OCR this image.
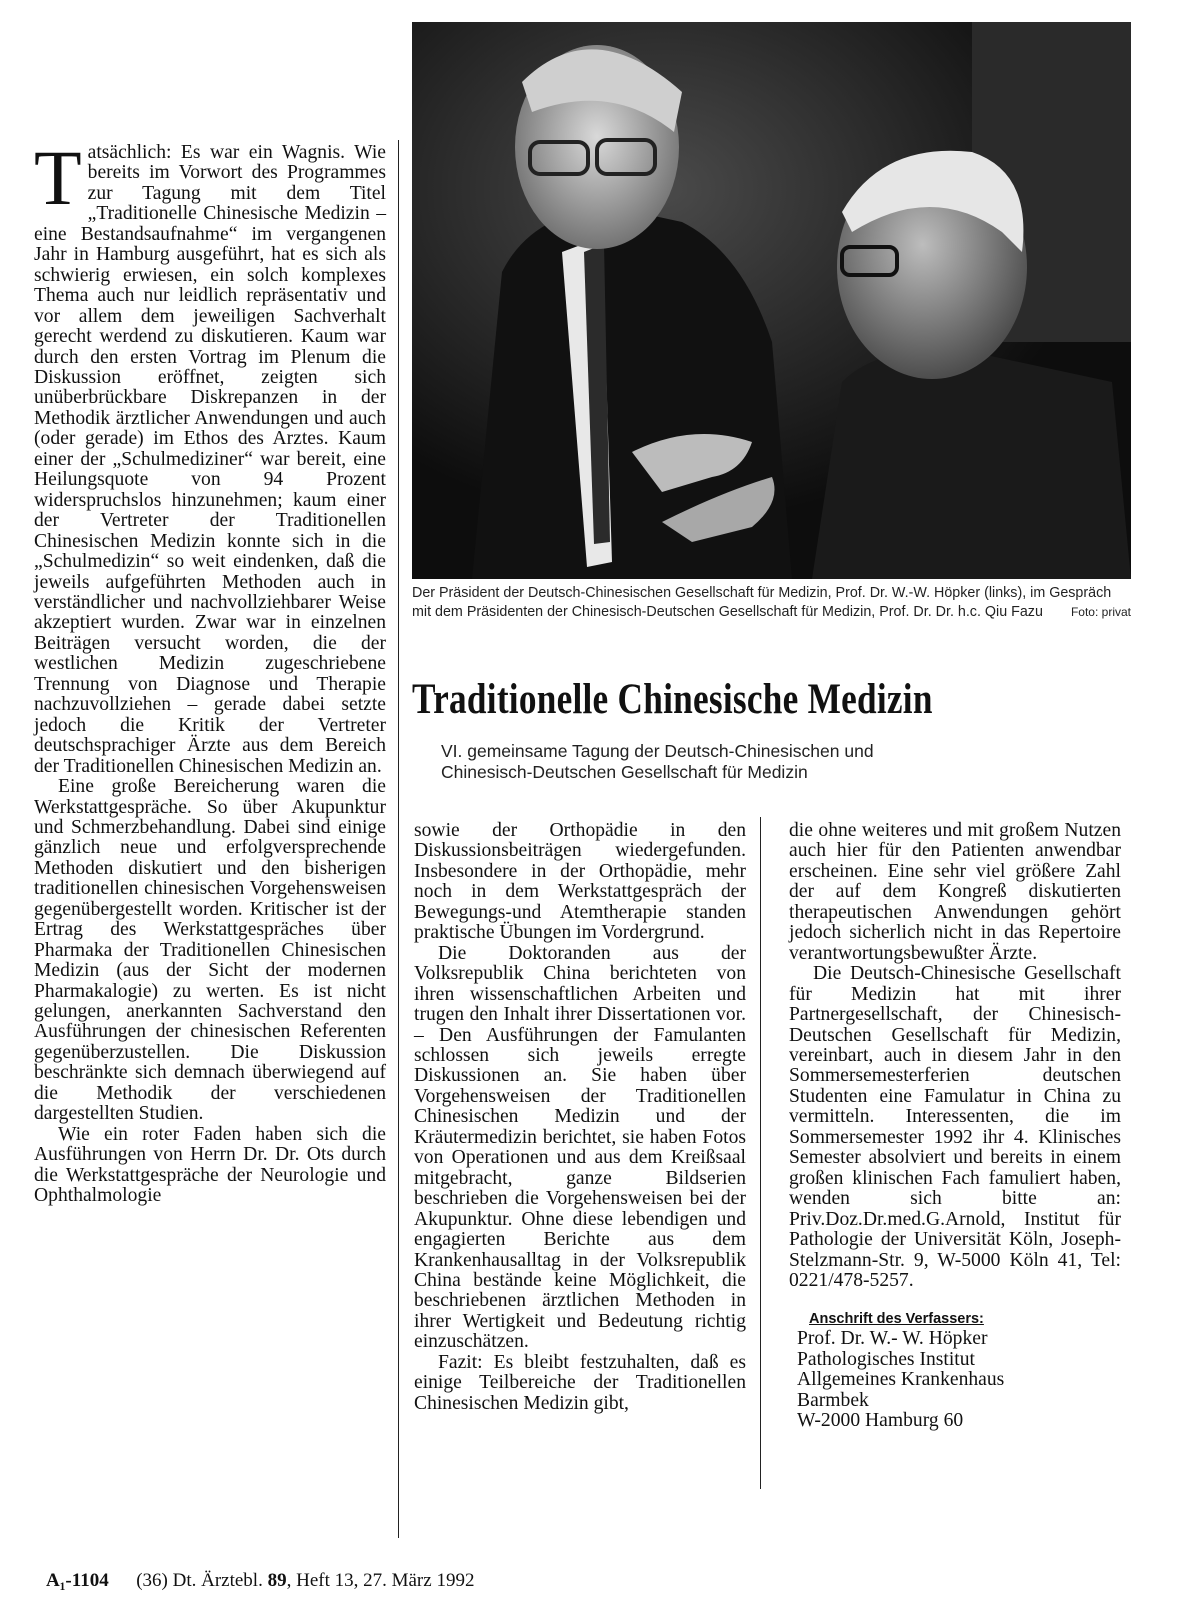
Tatsächlich: Es war ein Wagnis. Wie bereits im Vorwort des Programmes zur Tagung mit dem Titel „Traditionelle Chinesische Medizin – eine Bestandsaufnahme“ im vergangenen Jahr in Hamburg ausgeführt, hat es sich als schwierig erwiesen, ein solch komplexes Thema auch nur leidlich repräsentativ und vor allem dem jeweiligen Sachverhalt gerecht werdend zu diskutieren. Kaum war durch den ersten Vortrag im Plenum die Diskussion eröffnet, zeigten sich unüberbrückbare Diskrepanzen in der Methodik ärztlicher Anwendungen und auch (oder gerade) im Ethos des Arztes. Kaum einer der „Schulmediziner“ war bereit, eine Heilungsquote von 94 Prozent widerspruchslos hinzunehmen; kaum einer der Vertreter der Traditionellen Chinesischen Medizin konnte sich in die „Schulmedizin“ so weit eindenken, daß die jeweils aufgeführten Methoden auch in verständlicher und nachvollziehbarer Weise akzeptiert wurden. Zwar war in einzelnen Beiträgen versucht worden, die der westlichen Medizin zugeschriebene Trennung von Diagnose und Therapie nachzuvollziehen – gerade dabei setzte jedoch die Kritik der Vertreter deutschsprachiger Ärzte aus dem Bereich der Traditionellen Chinesischen Medizin an.

Eine große Bereicherung waren die Werkstattgespräche. So über Akupunktur und Schmerzbehandlung. Dabei sind einige gänzlich neue und erfolgversprechende Methoden diskutiert und den bisherigen traditionellen chinesischen Vorgehensweisen gegenübergestellt worden. Kritischer ist der Ertrag des Werkstattgespräches über Pharmaka der Traditionellen Chinesischen Medizin (aus der Sicht der modernen Pharmakalogie) zu werten. Es ist nicht gelungen, anerkannten Sachverstand den Ausführungen der chinesischen Referenten gegenüberzustellen. Die Diskussion beschränkte sich demnach überwiegend auf die Methodik der verschiedenen dargestellten Studien.

Wie ein roter Faden haben sich die Ausführungen von Herrn Dr. Dr. Ots durch die Werkstattgespräche der Neurologie und Ophthalmologie

Der Präsident der Deutsch-Chinesischen Gesellschaft für Medizin, Prof. Dr. W.-W. Höpker (links), im Gespräch mit dem Präsidenten der Chinesisch-Deutschen Gesellschaft für Medizin, Prof. Dr. Dr. h.c. Qiu Fazu Foto: privat
Traditionelle Chinesische Medizin
VI. gemeinsame Tagung der Deutsch-Chinesischen und
Chinesisch-Deutschen Gesellschaft für Medizin

sowie der Orthopädie in den Diskussionsbeiträgen wiedergefunden. Insbesondere in der Orthopädie, mehr noch in dem Werkstattgespräch der Bewegungs-und Atemtherapie standen praktische Übungen im Vordergrund.

Die Doktoranden aus der Volksrepublik China berichteten von ihren wissenschaftlichen Arbeiten und trugen den Inhalt ihrer Dissertationen vor. – Den Ausführungen der Famulanten schlossen sich jeweils erregte Diskussionen an. Sie haben über Vorgehensweisen der Traditionellen Chinesischen Medizin und der Kräutermedizin berichtet, sie haben Fotos von Operationen und aus dem Kreißsaal mitgebracht, ganze Bildserien beschrieben die Vorgehensweisen bei der Akupunktur. Ohne diese lebendigen und engagierten Berichte aus dem Krankenhausalltag in der Volksrepublik China bestände keine Möglichkeit, die beschriebenen ärztlichen Methoden in ihrer Wertigkeit und Bedeutung richtig einzuschätzen.

Fazit: Es bleibt festzuhalten, daß es einige Teilbereiche der Traditionellen Chinesischen Medizin gibt,

die ohne weiteres und mit großem Nutzen auch hier für den Patienten anwendbar erscheinen. Eine sehr viel größere Zahl der auf dem Kongreß diskutierten therapeutischen Anwendungen gehört jedoch sicherlich nicht in das Repertoire verantwortungsbewußter Ärzte.

Die Deutsch-Chinesische Gesellschaft für Medizin hat mit ihrer Partnergesellschaft, der Chinesisch-Deutschen Gesellschaft für Medizin, vereinbart, auch in diesem Jahr in den Sommersemesterferien deutschen Studenten eine Famulatur in China zu vermitteln. Interessenten, die im Sommersemester 1992 ihr 4. Klinisches Semester absolviert und bereits in einem großen klinischen Fach famuliert haben, wenden sich bitte an: Priv.Doz.Dr.med.G.Arnold, Institut für Pathologie der Universität Köln, Joseph-Stelzmann-Str. 9, W-5000 Köln 41, Tel: 0221/478-5257.

Anschrift des Verfassers:
Prof. Dr. W.- W. Höpker
Pathologisches Institut
Allgemeines Krankenhaus
Barmbek
W-2000 Hamburg 60
A₁-1104 (36) Dt. Ärztebl. 89, Heft 13, 27. März 1992
